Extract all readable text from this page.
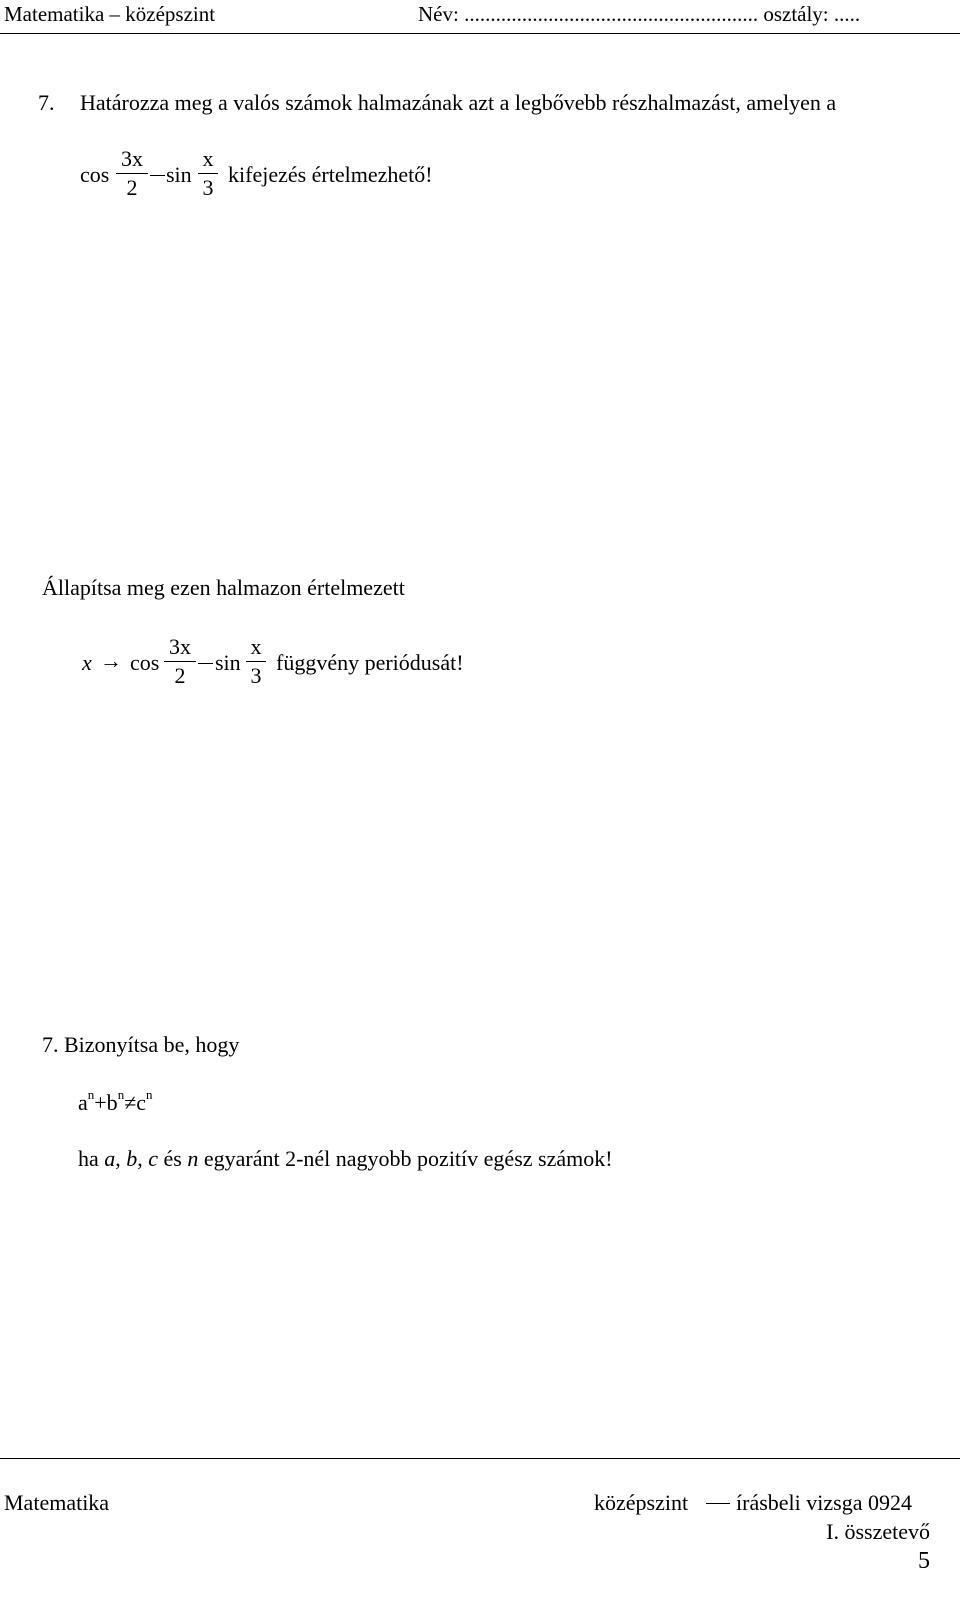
Matematika – középszint	Név: ........................................................ osztály: .....
7. Határozza meg a valós számok halmazának azt a legbővebb részhalmazást, amelyen a
cos
3x
2
sin
x
3
kifejezés értelmezhető!
Állapítsa meg ezen halmazon értelmezett
x → cos
3x
2
sin
x
3
függvény periódusát!
7. Bizonyítsa be, hogy
$a^n+b^n\ne c^n$
ha a, b, c és n egyaránt 2-nél nagyobb pozitív egész számok!
Matematika	középszint írásbeli vizsga 0924
I. összetevő
5
